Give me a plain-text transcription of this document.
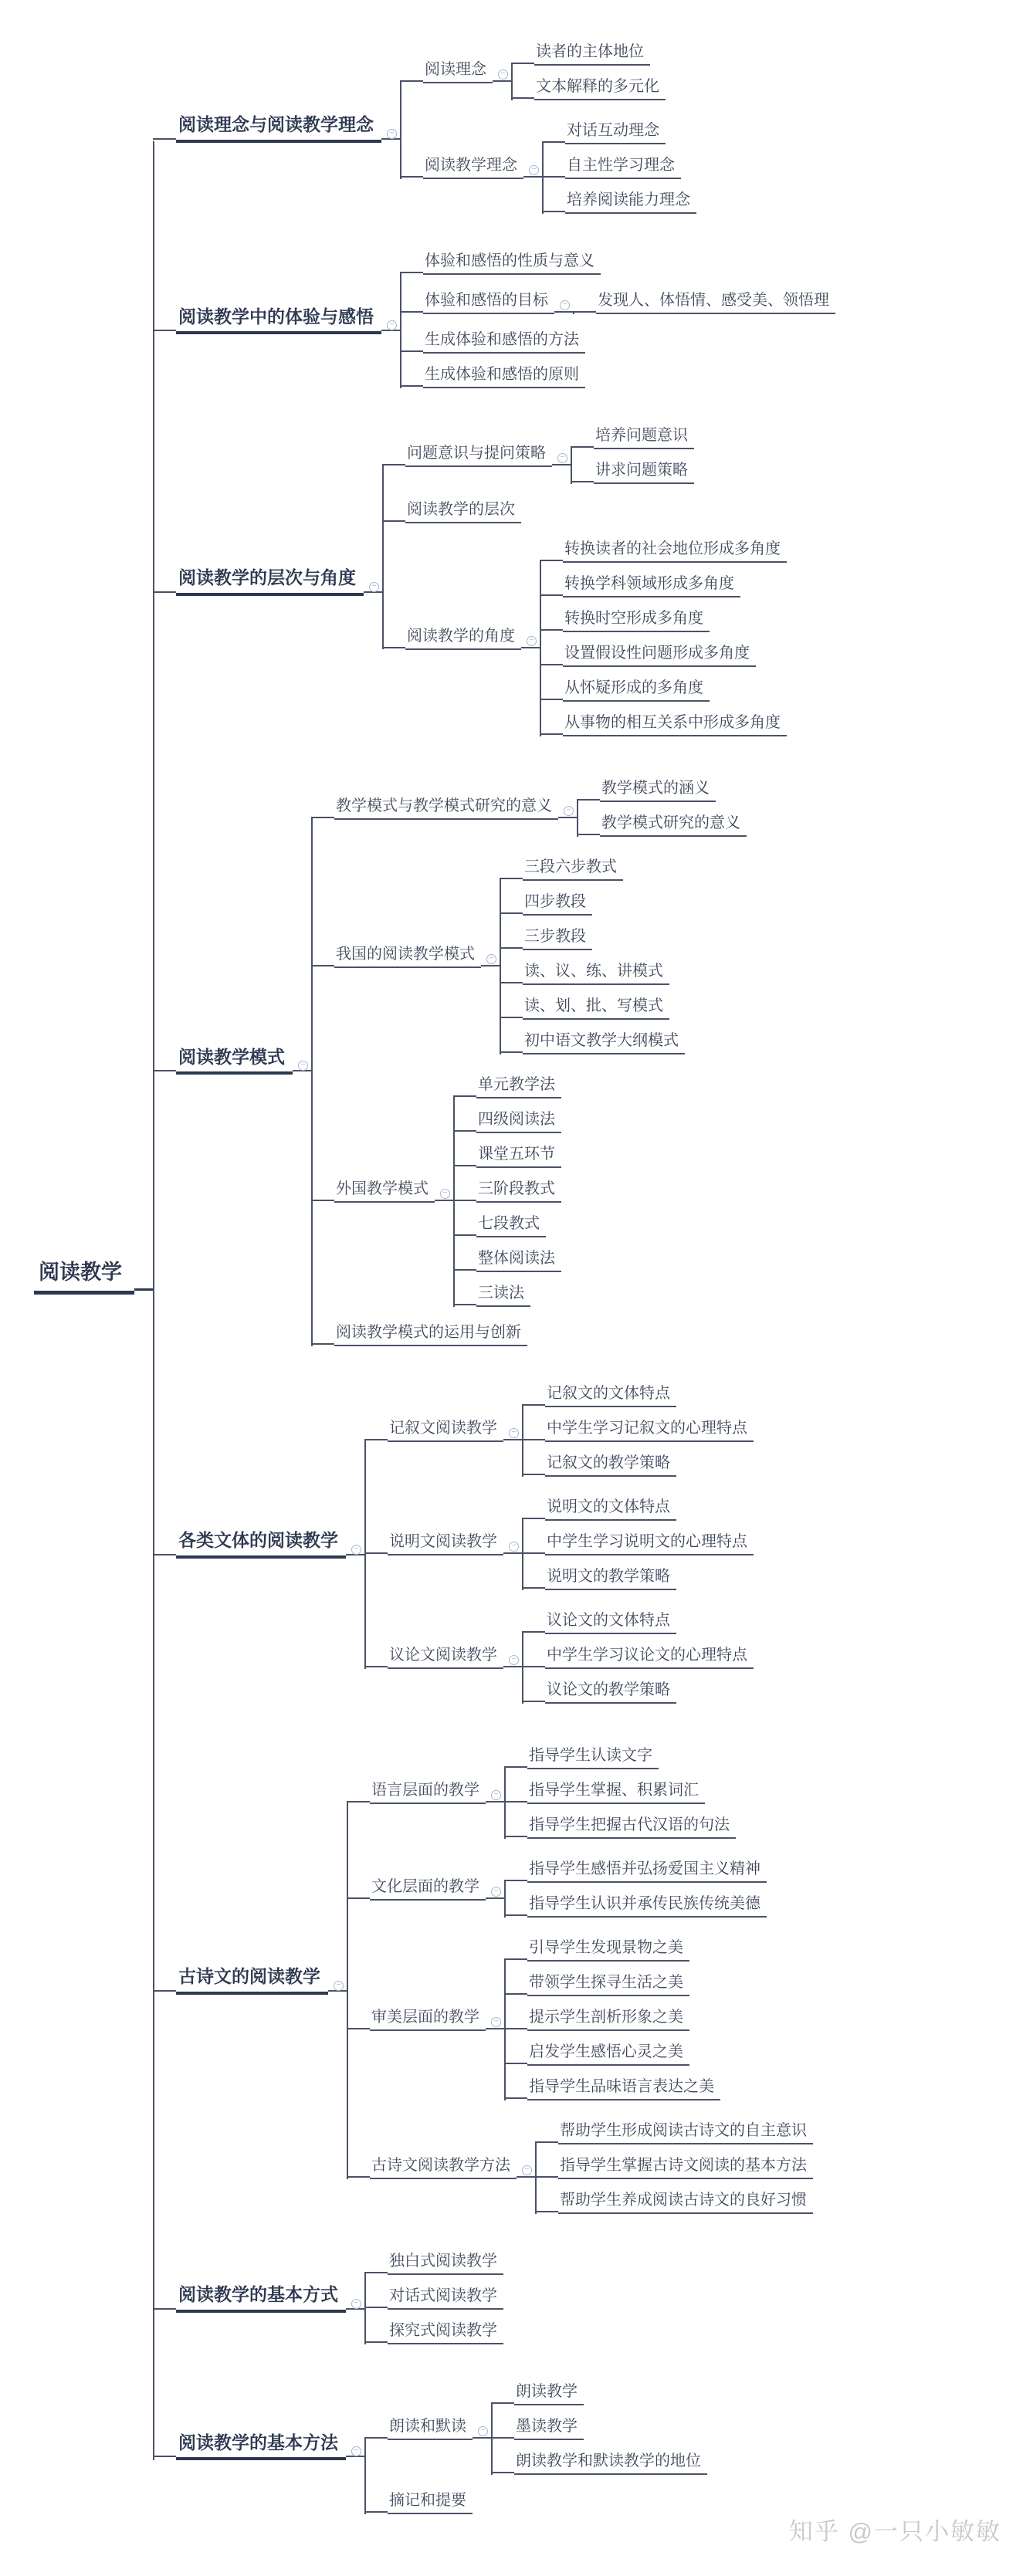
阅读教学
阅读理念与阅读教学理念	−
阅读理念	−
读者的主体地位
文本解释的多元化
阅读教学理念	−
对话互动理念
自主性学习理念
培养阅读能力理念
阅读教学中的体验与感悟	−
体验和感悟的性质与意义
体验和感悟的目标	− 发现人、体悟情、感受美、领悟理
生成体验和感悟的方法
生成体验和感悟的原则
阅读教学的层次与角度	−
问题意识与提问策略	−
培养问题意识
讲求问题策略
阅读教学的层次
阅读教学的角度	−
转换读者的社会地位形成多角度
转换学科领域形成多角度
转换时空形成多角度
设置假设性问题形成多角度
从怀疑形成的多角度
从事物的相互关系中形成多角度
阅读教学模式	−
教学模式与教学模式研究的意义	−
教学模式的涵义
教学模式研究的意义
我国的阅读教学模式	−
三段六步教式
四步教段
三步教段
读、议、练、讲模式
读、划、批、写模式
初中语文教学大纲模式
外国教学模式	−
单元教学法
四级阅读法
课堂五环节
三阶段教式
七段教式
整体阅读法
三读法
阅读教学模式的运用与创新
各类文体的阅读教学	−
记叙文阅读教学	−
记叙文的文体特点
中学生学习记叙文的心理特点
记叙文的教学策略
说明文阅读教学	−
说明文的文体特点
中学生学习说明文的心理特点
说明文的教学策略
议论文阅读教学	−
议论文的文体特点
中学生学习议论文的心理特点
议论文的教学策略
古诗文的阅读教学	−
语言层面的教学	−
指导学生认读文字
指导学生掌握、积累词汇
指导学生把握古代汉语的句法
文化层面的教学	−
指导学生感悟并弘扬爱国主义精神
指导学生认识并承传民族传统美德
审美层面的教学	−
引导学生发现景物之美
带领学生探寻生活之美
提示学生剖析形象之美
启发学生感悟心灵之美
指导学生品味语言表达之美
古诗文阅读教学方法	−
帮助学生形成阅读古诗文的自主意识
指导学生掌握古诗文阅读的基本方法
帮助学生养成阅读古诗文的良好习惯
阅读教学的基本方式	−
独白式阅读教学
对话式阅读教学
探究式阅读教学
阅读教学的基本方法	−
朗读和默读	−
朗读教学
墨读教学
朗读教学和默读教学的地位
摘记和提要
知乎 @一只小敏敏
